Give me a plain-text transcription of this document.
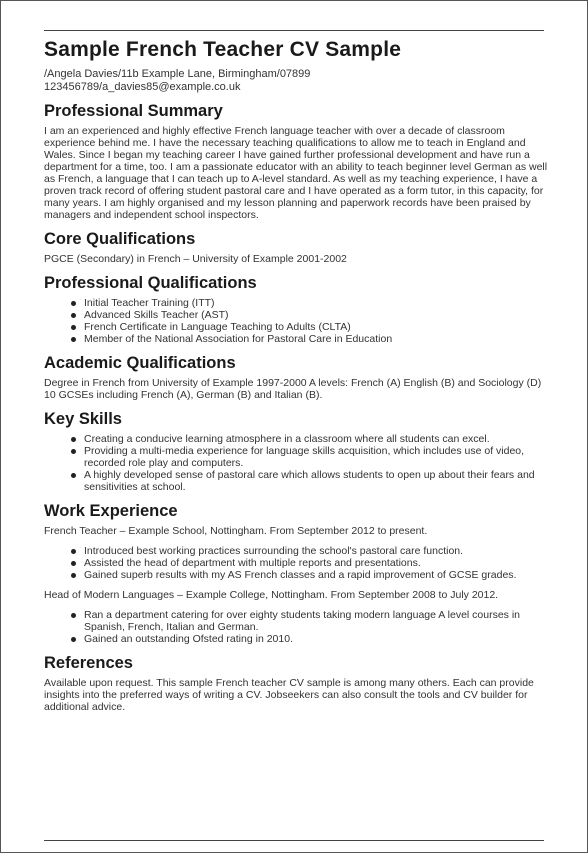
Sample French Teacher CV Sample
/Angela Davies/11b Example Lane, Birmingham/07899
123456789/a_davies85@example.co.uk
Professional Summary

I am an experienced and highly effective French language teacher with over a decade of classroom experience behind me. I have the necessary teaching qualifications to allow me to teach in England and Wales. Since I began my teaching career I have gained further professional development and have run a department for a time, too. I am a passionate educator with an ability to teach beginner level German as well as French, a language that I can teach up to A-level standard. As well as my teaching experience, I have a proven track record of offering student pastoral care and I have operated as a form tutor, in this capacity, for many years. I am highly organised and my lesson planning and paperwork records have been praised by managers and independent school inspectors.

Core Qualifications

PGCE (Secondary) in French – University of Example 2001-2002

Professional Qualifications
Initial Teacher Training (ITT)
Advanced Skills Teacher (AST)
French Certificate in Language Teaching to Adults (CLTA)
Member of the National Association for Pastoral Care in Education
Academic Qualifications

Degree in French from University of Example 1997-2000 A levels: French (A) English (B) and Sociology (D) 10 GCSEs including French (A), German (B) and Italian (B).

Key Skills
Creating a conducive learning atmosphere in a classroom where all students can excel.
Providing a multi-media experience for language skills acquisition, which includes use of video, recorded role play and computers.
A highly developed sense of pastoral care which allows students to open up about their fears and sensitivities at school.
Work Experience

French Teacher – Example School, Nottingham. From September 2012 to present.

Introduced best working practices surrounding the school's pastoral care function.
Assisted the head of department with multiple reports and presentations.
Gained superb results with my AS French classes and a rapid improvement of GCSE grades.

Head of Modern Languages – Example College, Nottingham. From September 2008 to July 2012.

Ran a department catering for over eighty students taking modern language A level courses in Spanish, French, Italian and German.
Gained an outstanding Ofsted rating in 2010.
References

Available upon request. This sample French teacher CV sample is among many others. Each can provide insights into the preferred ways of writing a CV. Jobseekers can also consult the tools and CV builder for additional advice.
